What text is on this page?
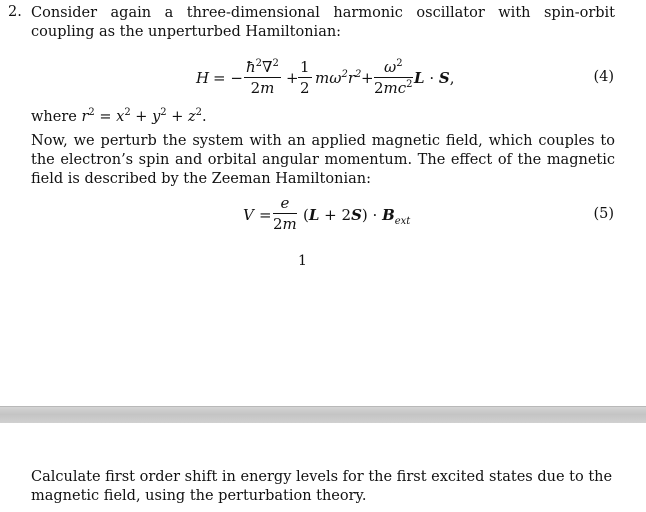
2. Consider again a three-dimensional harmonic oscillator with spin-orbit coupling as the unperturbed Hamiltonian:

H = − $\frac{ħ^2\nabla^2}{2m} + \frac{1}{2} m\omega^2r^2 + \frac{\omega^2}{2mc^2}$ L · S,	(4)
where $r^2 = x^2 + y^2 + z^2$.

Now, we perturb the system with an applied magnetic field, which couples to the electron’s spin and orbital angular momentum. The effect of the magnetic field is described by the Zeeman Hamiltonian:

$V = \frac{e}{2m} (L + 2S) \cdot B_{ext}$	(5)
1

Calculate first order shift in energy levels for the first excited states due to the magnetic field, using the perturbation theory.
